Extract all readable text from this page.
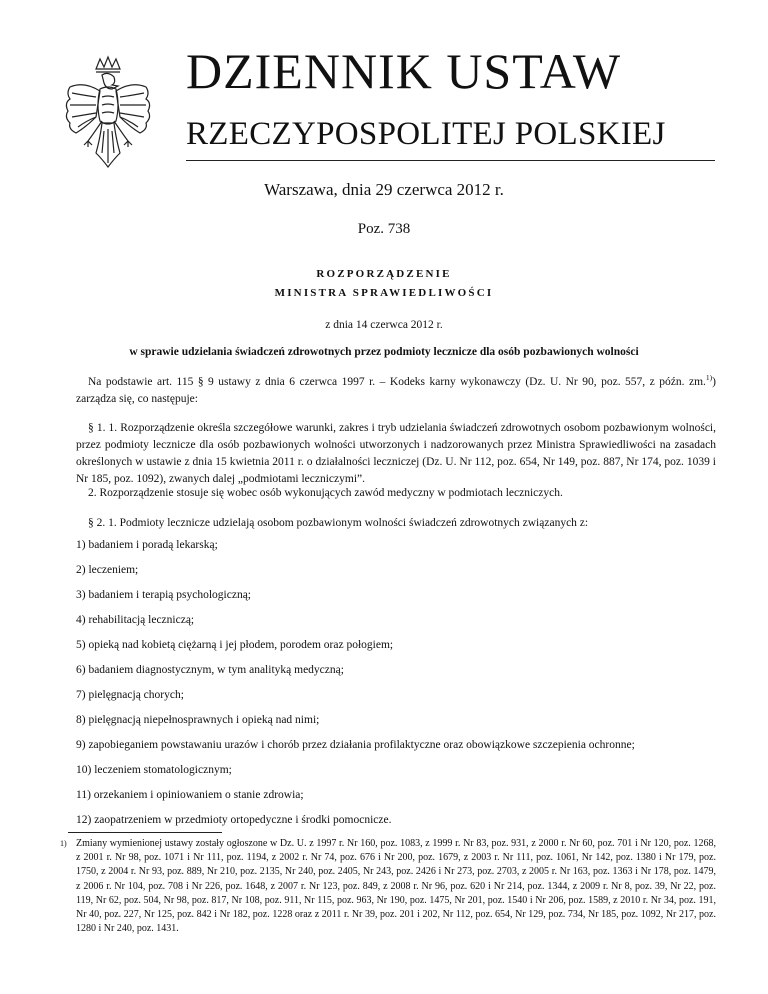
DZIENNIK USTAW
RZECZYPOSPOLITEJ POLSKIEJ
Warszawa, dnia 29 czerwca 2012 r.
Poz. 738
ROZPORZĄDZENIE
MINISTRA SPRAWIEDLIWOŚCI
z dnia 14 czerwca 2012 r.
w sprawie udzielania świadczeń zdrowotnych przez podmioty lecznicze dla osób pozbawionych wolności

Na podstawie art. 115 § 9 ustawy z dnia 6 czerwca 1997 r. – Kodeks karny wykonawczy (Dz. U. Nr 90, poz. 557, z późn. zm.$^{1)}$) zarządza się, co następuje:

§ 1. 1. Rozporządzenie określa szczegółowe warunki, zakres i tryb udzielania świadczeń zdrowotnych osobom pozbawionym wolności, przez podmioty lecznicze dla osób pozbawionych wolności utworzonych i nadzorowanych przez Ministra Sprawiedliwości na zasadach określonych w ustawie z dnia 15 kwietnia 2011 r. o działalności leczniczej (Dz. U. Nr 112, poz. 654, Nr 149, poz. 887, Nr 174, poz. 1039 i Nr 185, poz. 1092), zwanych dalej „podmiotami leczniczymi”.

2. Rozporządzenie stosuje się wobec osób wykonujących zawód medyczny w podmiotach leczniczych.

§ 2. 1. Podmioty lecznicze udzielają osobom pozbawionym wolności świadczeń zdrowotnych związanych z:

1) badaniem i poradą lekarską;
2) leczeniem;
3) badaniem i terapią psychologiczną;
4) rehabilitacją leczniczą;
5) opieką nad kobietą ciężarną i jej płodem, porodem oraz połogiem;
6) badaniem diagnostycznym, w tym analityką medyczną;
7) pielęgnacją chorych;
8) pielęgnacją niepełnosprawnych i opieką nad nimi;
9) zapobieganiem powstawaniu urazów i chorób przez działania profilaktyczne oraz obowiązkowe szczepienia ochronne;
10) leczeniem stomatologicznym;
11) orzekaniem i opiniowaniem o stanie zdrowia;
12) zaopatrzeniem w przedmioty ortopedyczne i środki pomocnicze.

1) Zmiany wymienionej ustawy zostały ogłoszone w Dz. U. z 1997 r. Nr 160, poz. 1083, z 1999 r. Nr 83, poz. 931, z 2000 r. Nr 60, poz. 701 i Nr 120, poz. 1268, z 2001 r. Nr 98, poz. 1071 i Nr 111, poz. 1194, z 2002 r. Nr 74, poz. 676 i Nr 200, poz. 1679, z 2003 r. Nr 111, poz. 1061, Nr 142, poz. 1380 i Nr 179, poz. 1750, z 2004 r. Nr 93, poz. 889, Nr 210, poz. 2135, Nr 240, poz. 2405, Nr 243, poz. 2426 i Nr 273, poz. 2703, z 2005 r. Nr 163, poz. 1363 i Nr 178, poz. 1479, z 2006 r. Nr 104, poz. 708 i Nr 226, poz. 1648, z 2007 r. Nr 123, poz. 849, z 2008 r. Nr 96, poz. 620 i Nr 214, poz. 1344, z 2009 r. Nr 8, poz. 39, Nr 22, poz. 119, Nr 62, poz. 504, Nr 98, poz. 817, Nr 108, poz. 911, Nr 115, poz. 963, Nr 190, poz. 1475, Nr 201, poz. 1540 i Nr 206, poz. 1589, z 2010 r. Nr 34, poz. 191, Nr 40, poz. 227, Nr 125, poz. 842 i Nr 182, poz. 1228 oraz z 2011 r. Nr 39, poz. 201 i 202, Nr 112, poz. 654, Nr 129, poz. 734, Nr 185, poz. 1092, Nr 217, poz. 1280 i Nr 240, poz. 1431.
